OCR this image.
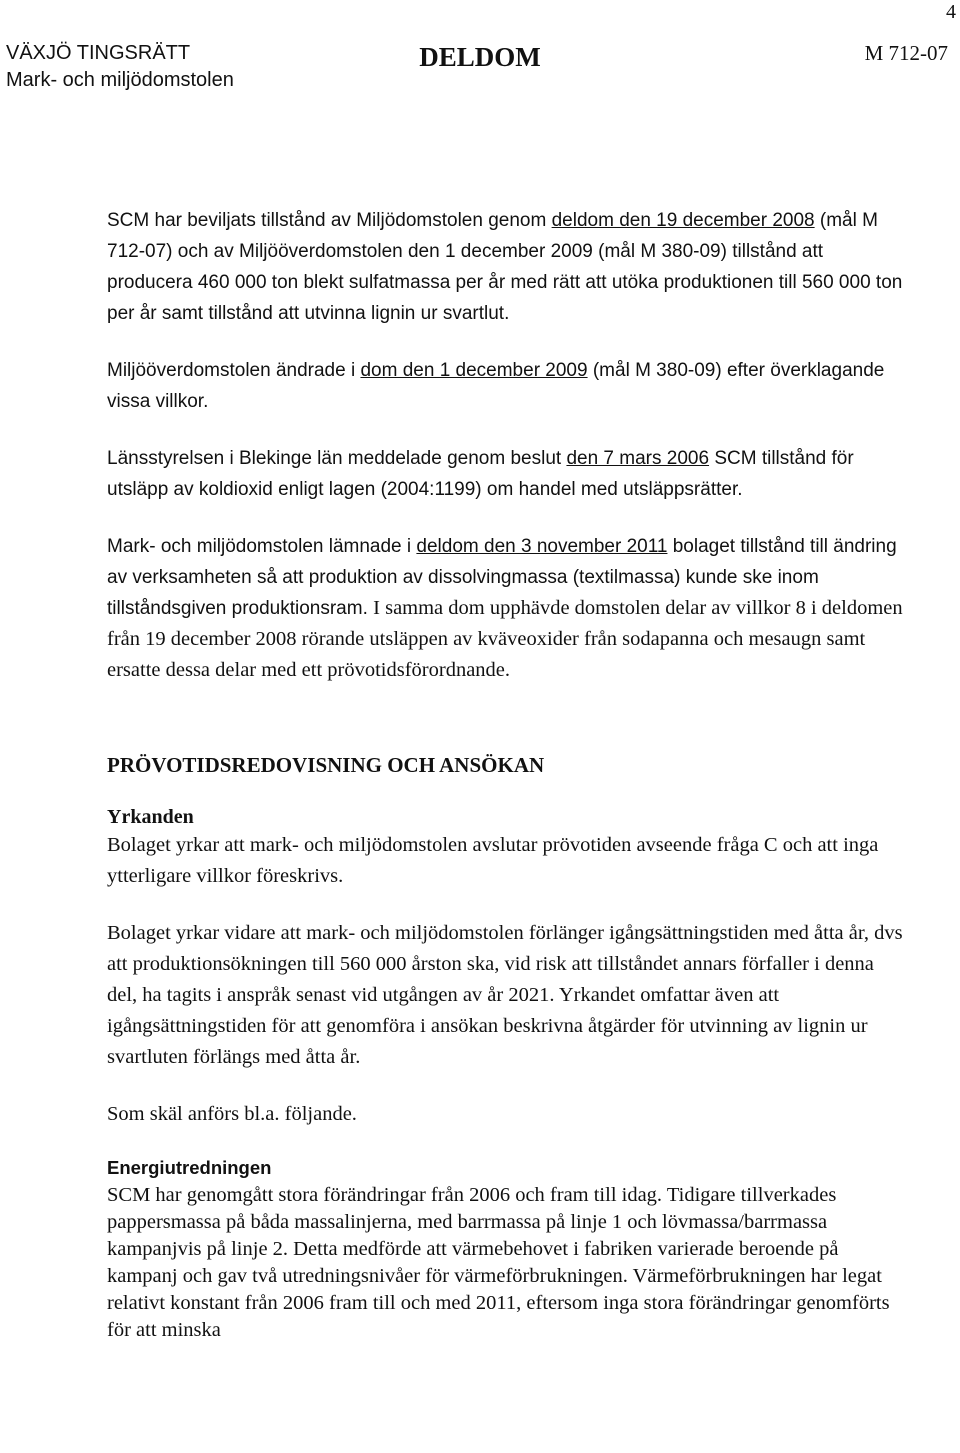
4
VÄXJÖ TINGSRÄTT
Mark- och miljödomstolen
DELDOM	M 712-07

SCM har beviljats tillstånd av Miljödomstolen genom deldom den 19 december 2008 (mål M 712-07) och av Miljööverdomstolen den 1 december 2009 (mål M 380-09) tillstånd att producera 460 000 ton blekt sulfatmassa per år med rätt att utöka produktionen till 560 000 ton per år samt tillstånd att utvinna lignin ur svartlut.

Miljööverdomstolen ändrade i dom den 1 december 2009 (mål M 380-09) efter överklagande vissa villkor.

Länsstyrelsen i Blekinge län meddelade genom beslut den 7 mars 2006 SCM tillstånd för utsläpp av koldioxid enligt lagen (2004:1199) om handel med utsläppsrätter.

Mark- och miljödomstolen lämnade i deldom den 3 november 2011 bolaget tillstånd till ändring av verksamheten så att produktion av dissolvingmassa (textilmassa) kunde ske inom tillståndsgiven produktionsram. I samma dom upphävde domstolen delar av villkor 8 i deldomen från 19 december 2008 rörande utsläppen av kväveoxider från sodapanna och mesaugn samt ersatte dessa delar med ett prövotidsförordnande.

PRÖVOTIDSREDOVISNING OCH ANSÖKAN
Yrkanden

Bolaget yrkar att mark- och miljödomstolen avslutar prövotiden avseende fråga C och att inga ytterligare villkor föreskrivs.

Bolaget yrkar vidare att mark- och miljödomstolen förlänger igångsättningstiden med åtta år, dvs att produktionsökningen till 560 000 årston ska, vid risk att tillståndet annars förfaller i denna del, ha tagits i anspråk senast vid utgången av år 2021. Yrkandet omfattar även att igångsättningstiden för att genomföra i ansökan beskrivna åtgärder för utvinning av lignin ur svartluten förlängs med åtta år.

Som skäl anförs bl.a. följande.

Energiutredningen

SCM har genomgått stora förändringar från 2006 och fram till idag. Tidigare tillverkades pappersmassa på båda massalinjerna, med barrmassa på linje 1 och lövmassa/barrmassa kampanjvis på linje 2. Detta medförde att värmebehovet i fabriken varierade beroende på kampanj och gav två utredningsnivåer för värmeförbrukningen. Värmeförbrukningen har legat relativt konstant från 2006 fram till och med 2011, eftersom inga stora förändringar genomförts för att minska
